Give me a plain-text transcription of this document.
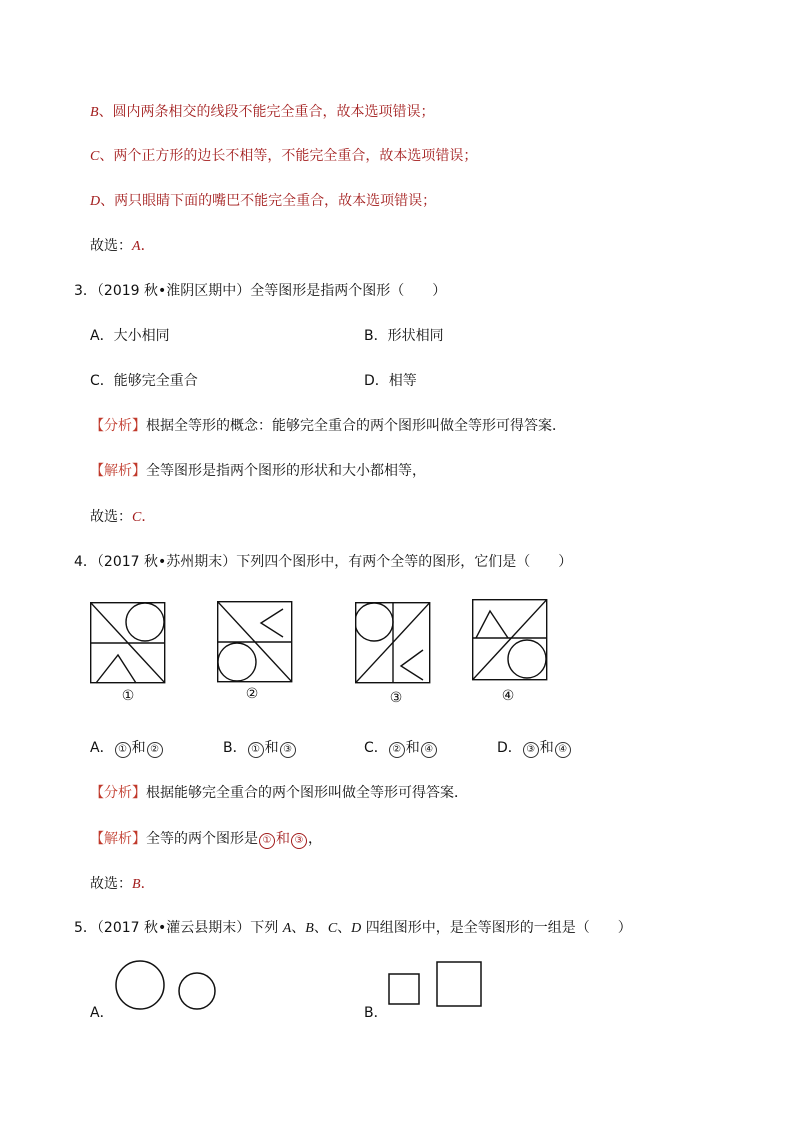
B、圆内两条相交的线段不能完全重合，故本选项错误；
C、两个正方形的边长不相等，不能完全重合，故本选项错误；
D、两只眼睛下面的嘴巴不能完全重合，故本选项错误；
故选：A．
3．（2019 秋•淮阴区期中）全等图形是指两个图形（　　）
A．大小相同	B．形状相同
C．能够完全重合	D．相等
【分析】根据全等形的概念：能够完全重合的两个图形叫做全等形可得答案．
【解析】全等图形是指两个图形的形状和大小都相等，
故选：C．
4．（2017 秋•苏州期末）下列四个图形中，有两个全等的图形，它们是（　　）
①	②	③	④
A． ① 和 ②	B． ① 和 ③	C． ② 和 ④	D． ③ 和 ④
【分析】根据能够完全重合的两个图形叫做全等形可得答案．
【解析】全等的两个图形是 ① 和 ③ ，
故选：B．
5．（2017 秋•灌云县期末）下列 A、B、C、D 四组图形中，是全等图形的一组是（　　）
A．	B．
